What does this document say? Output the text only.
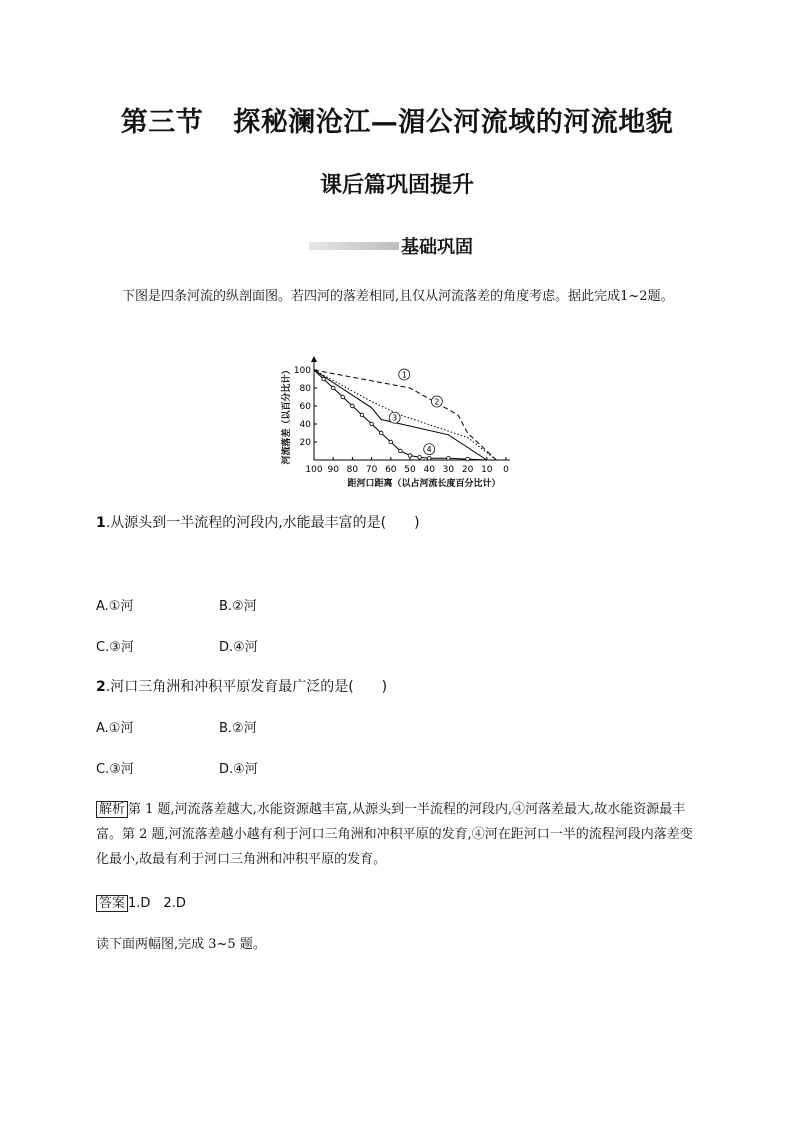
第三节 探秘澜沧江—湄公河流域的河流地貌
课后篇巩固提升
基础巩固
下图是四条河流的纵剖面图。若四河的落差相同,且仅从河流落差的角度考虑。据此完成1~2题。
100
80
60
40
20
100 90 80 70 60 50 40 30 20 10 0
距河口距离（以占河流长度百分比计）
河流落差（以百分比计）	1
2
3
4
1.从源头到一半流程的河段内,水能最丰富的是(　　)
A.①河	B.②河
C.③河	D.④河
2.河口三角洲和冲积平原发育最广泛的是(　　)
A.①河	B.②河
C.③河	D.④河
解析 第 1 题,河流落差越大,水能资源越丰富,从源头到一半流程的河段内,④河落差最大,故水能资源最丰富。第 2 题,河流落差越小越有利于河口三角洲和冲积平原的发育,④河在距河口一半的流程河段内落差变化最小,故最有利于河口三角洲和冲积平原的发育。
答案 1.D　2.D
读下面两幅图,完成 3~5 题。
